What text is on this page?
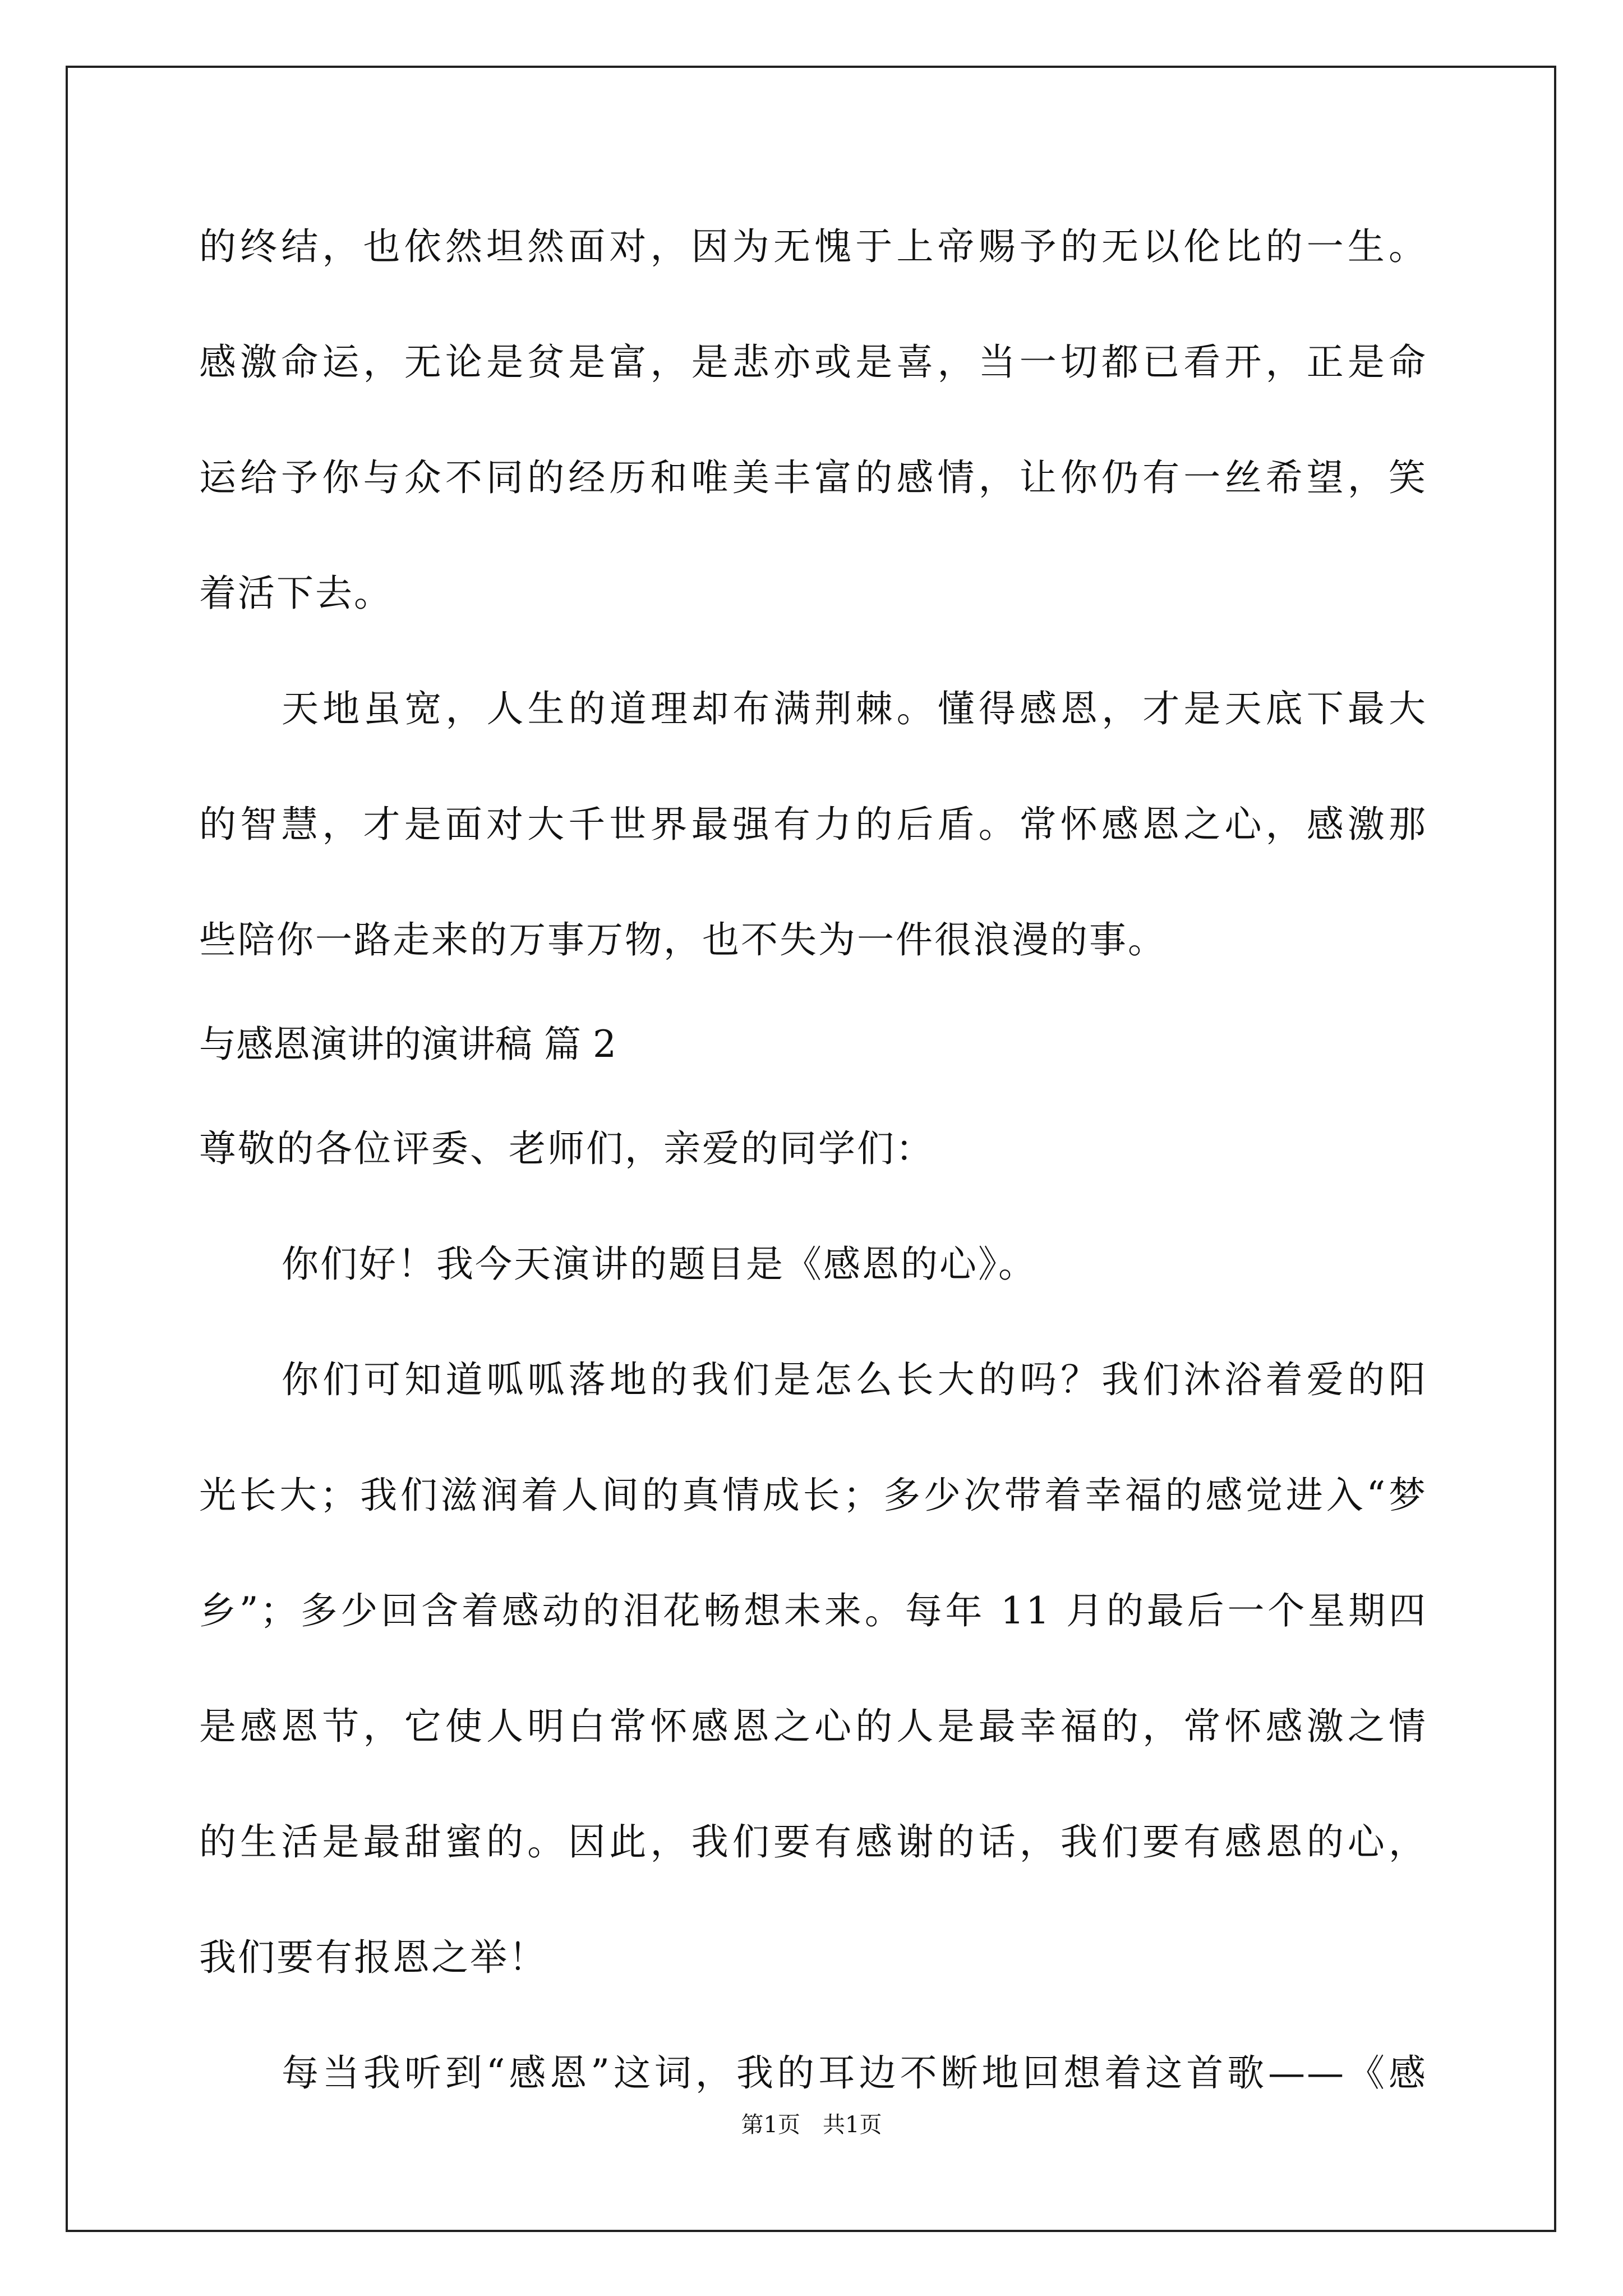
的终结，也依然坦然面对，因为无愧于上帝赐予的无以伦比的一生。
感激命运，无论是贫是富，是悲亦或是喜，当一切都已看开，正是命
运给予你与众不同的经历和唯美丰富的感情，让你仍有一丝希望，笑
着活下去。
天地虽宽，人生的道理却布满荆棘。懂得感恩，才是天底下最大
的智慧，才是面对大千世界最强有力的后盾。常怀感恩之心，感激那
些陪你一路走来的万事万物，也不失为一件很浪漫的事。
与感恩演讲的演讲稿 篇 2
尊敬的各位评委、老师们，亲爱的同学们：
你们好！我今天演讲的题目是《感恩的心》。
你们可知道呱呱落地的我们是怎么长大的吗？我们沐浴着爱的阳
光长大；我们滋润着人间的真情成长；多少次带着幸福的感觉进入“梦
乡”；多少回含着感动的泪花畅想未来。每年 11 月的最后一个星期四
是感恩节，它使人明白常怀感恩之心的人是最幸福的，常怀感激之情
的生活是最甜蜜的。因此，我们要有感谢的话，我们要有感恩的心，
我们要有报恩之举！
每当我听到“感恩”这词，我的耳边不断地回想着这首歌——《感
第1页　共1页
